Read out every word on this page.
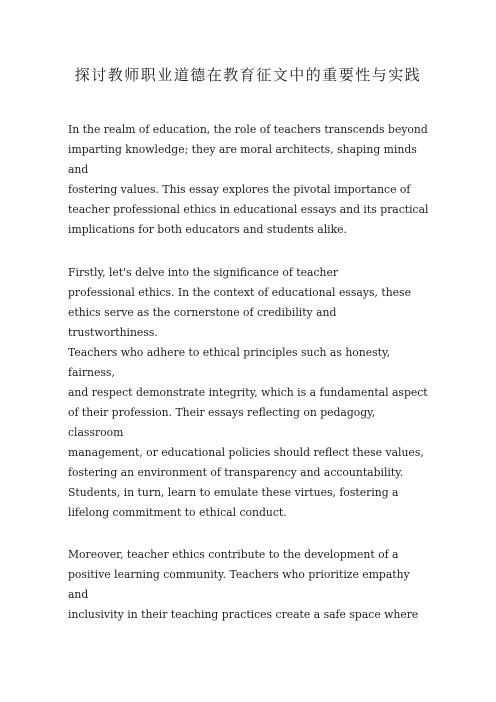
探讨教师职业道德在教育征文中的重要性与实践

In the realm of education, the role of teachers transcends beyond
imparting knowledge; they are moral architects, shaping minds and
fostering values. This essay explores the pivotal importance of
teacher professional ethics in educational essays and its practical
implications for both educators and students alike.

Firstly, let's delve into the significance of teacher
professional ethics. In the context of educational essays, these
ethics serve as the cornerstone of credibility and trustworthiness.
Teachers who adhere to ethical principles such as honesty, fairness,
and respect demonstrate integrity, which is a fundamental aspect
of their profession. Their essays reflecting on pedagogy, classroom
management, or educational policies should reflect these values,
fostering an environment of transparency and accountability.
Students, in turn, learn to emulate these virtues, fostering a
lifelong commitment to ethical conduct.

Moreover, teacher ethics contribute to the development of a
positive learning community. Teachers who prioritize empathy and
inclusivity in their teaching practices create a safe space where
